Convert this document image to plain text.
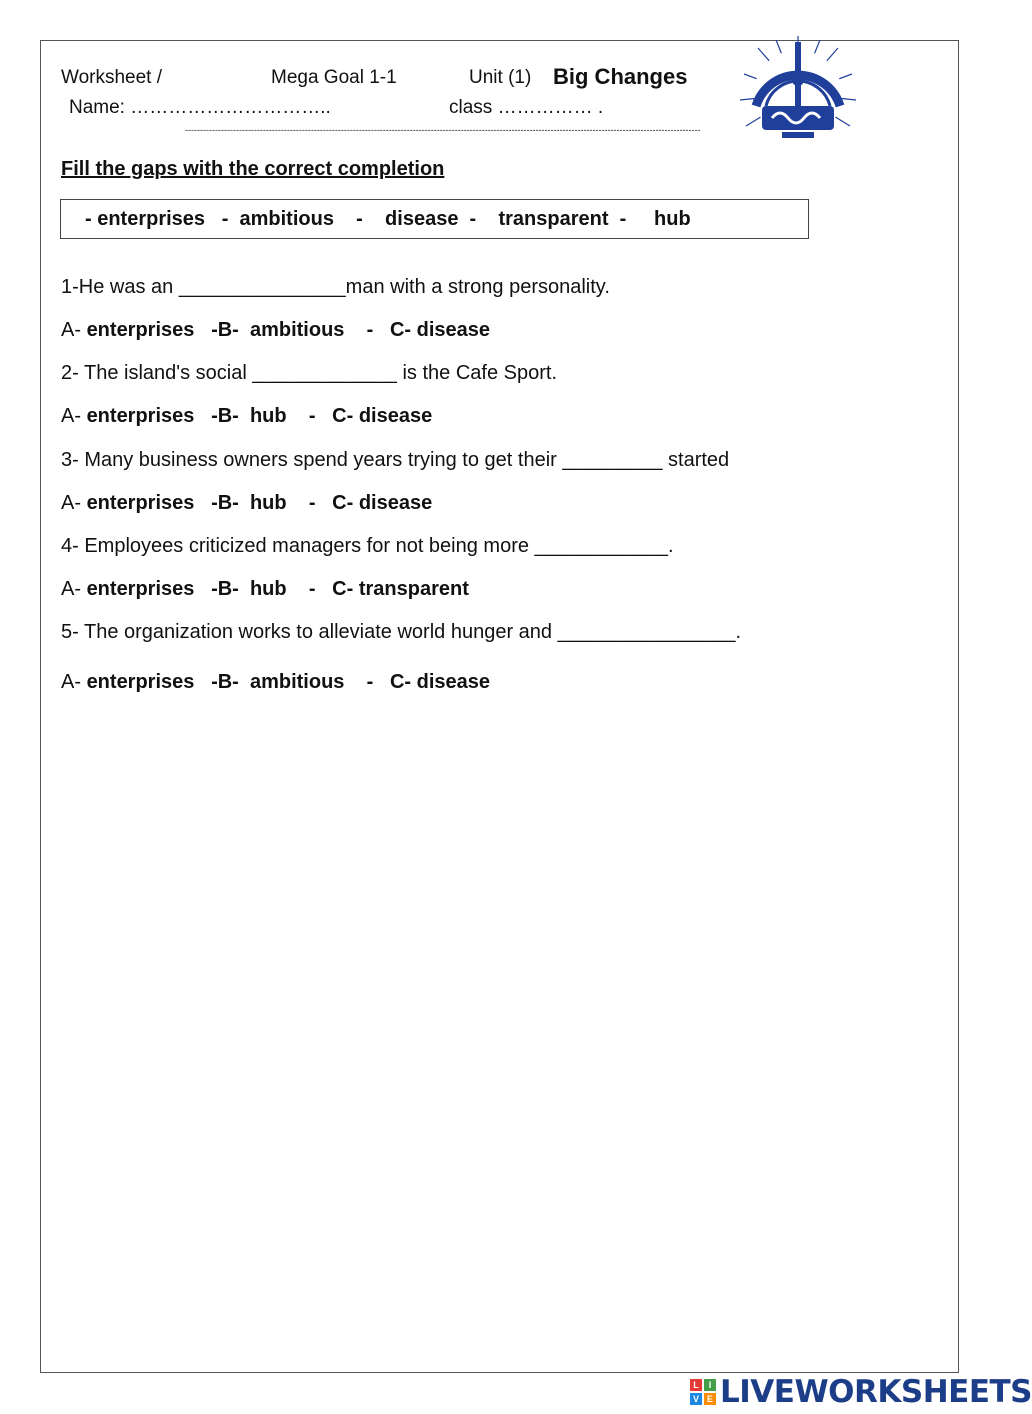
Worksheet /	Mega Goal 1-1	Unit (1) Big Changes
Name: …………………………..	class …………… .
----------------------------------------------------------------------------------------------------------------------------------------------------------------------------
Fill the gaps with the correct completion
- enterprises   -  ambitious    -    disease  -    transparent  -     hub
1-He was an _______________man with a strong personality.
A- enterprises   -B-  ambitious    -   C- disease
2- The island's social _____________ is the Cafe Sport.
A- enterprises   -B-  hub    -   C- disease
3- Many business owners spend years trying to get their _________ started
A- enterprises   -B-  hub    -   C- disease
4- Employees criticized managers for not being more ____________.
A- enterprises   -B-  hub    -   C- transparent
5- The organization works to alleviate world hunger and ________________.
A- enterprises   -B-  ambitious    -   C- disease
L	I
V E LIVEWORKSHEETS
